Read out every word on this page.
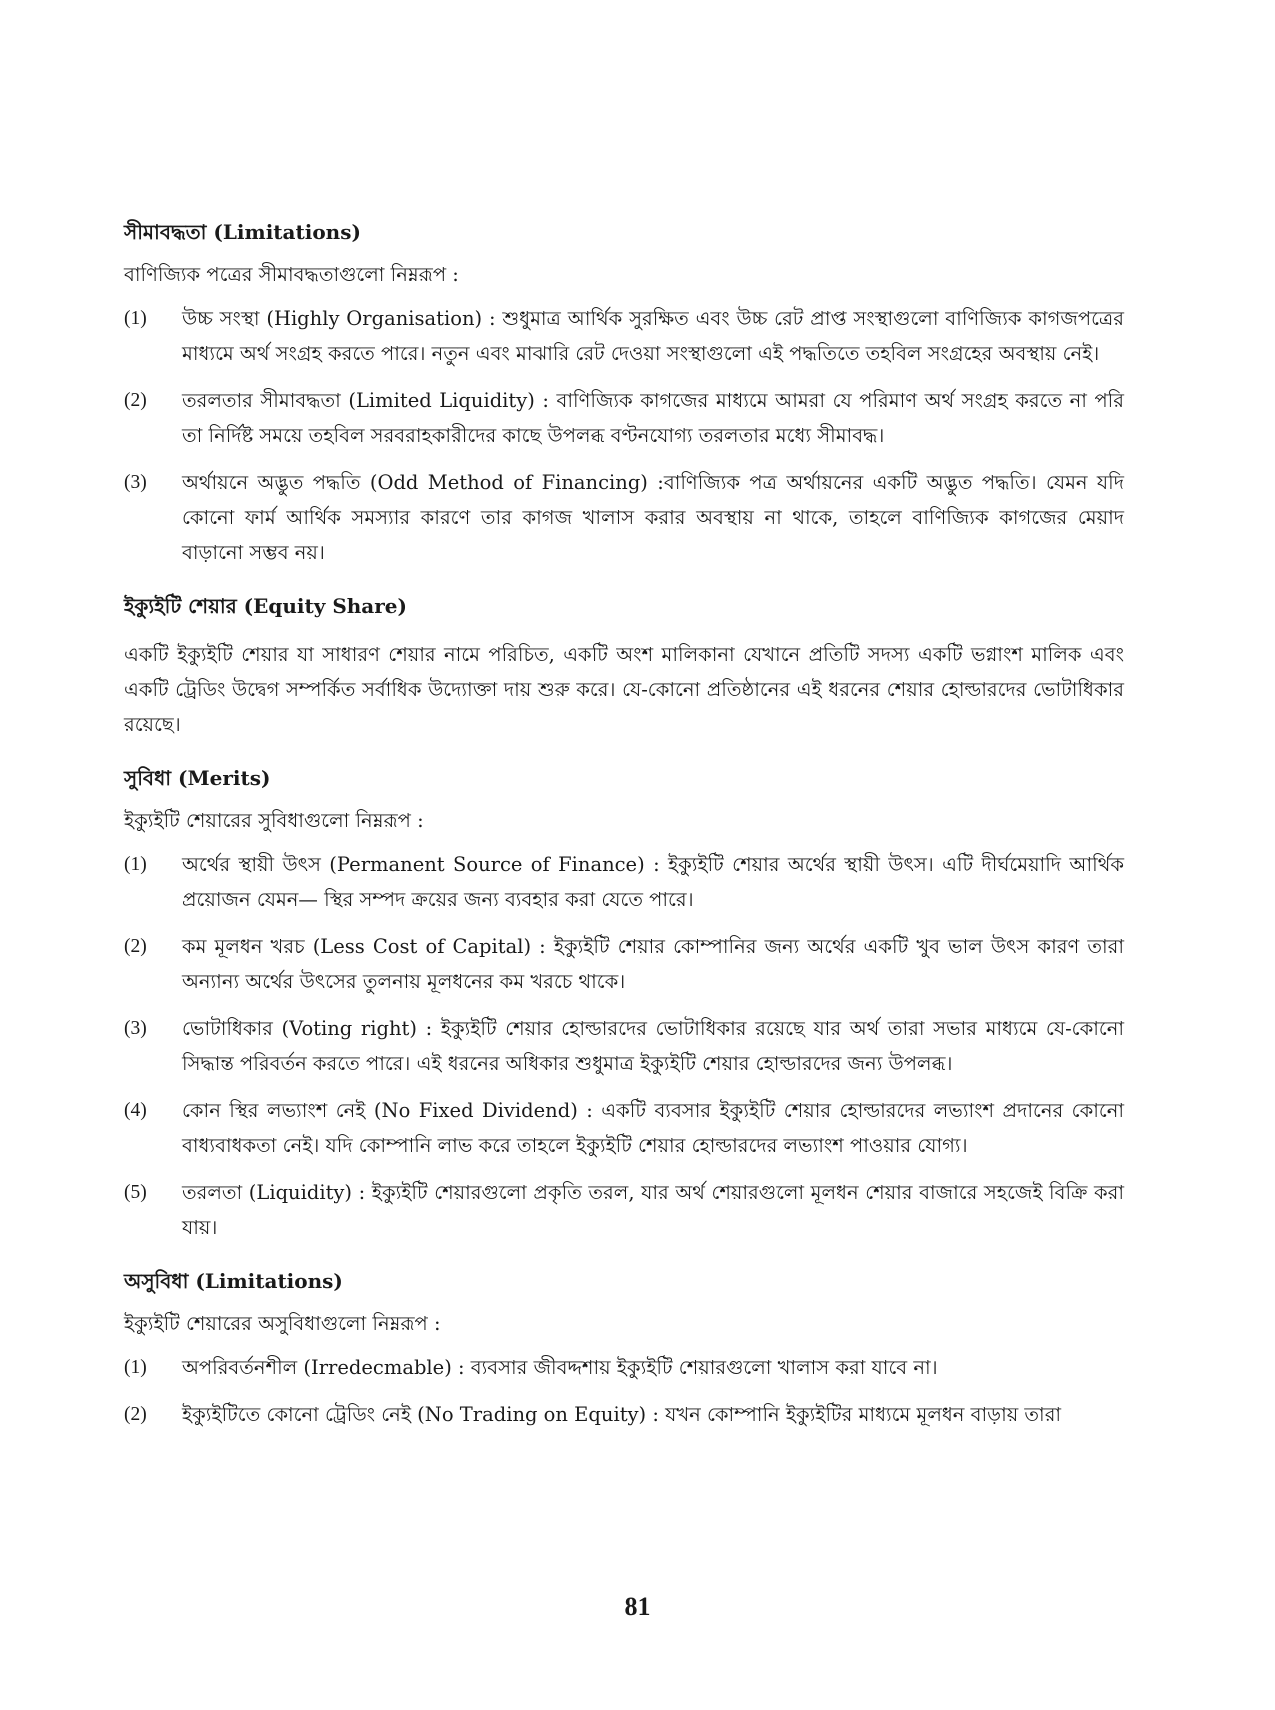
সীমাবদ্ধতা (Limitations)
বাণিজ্যিক পত্রের সীমাবদ্ধতাগুলো নিম্নরূপ :
(1)	উচ্চ সংস্থা (Highly Organisation) : শুধুমাত্র আর্থিক সুরক্ষিত এবং উচ্চ রেট প্রাপ্ত সংস্থাগুলো বাণিজ্যিক কাগজপত্রের মাধ্যমে অর্থ সংগ্রহ করতে পারে। নতুন এবং মাঝারি রেট দেওয়া সংস্থাগুলো এই পদ্ধতিতে তহবিল সংগ্রহের অবস্থায় নেই।
(2)	তরলতার সীমাবদ্ধতা (Limited Liquidity) : বাণিজ্যিক কাগজের মাধ্যমে আমরা যে পরিমাণ অর্থ সংগ্রহ করতে না পরি তা নির্দিষ্ট সময়ে তহবিল সরবরাহকারীদের কাছে উপলব্ধ বণ্টনযোগ্য তরলতার মধ্যে সীমাবদ্ধ।
(3)	অর্থায়নে অদ্ভুত পদ্ধতি (Odd Method of Financing) :বাণিজ্যিক পত্র অর্থায়নের একটি অদ্ভুত পদ্ধতি। যেমন যদি কোনো ফার্ম আর্থিক সমস্যার কারণে তার কাগজ খালাস করার অবস্থায় না থাকে, তাহলে বাণিজ্যিক কাগজের মেয়াদ বাড়ানো সম্ভব নয়।
ইক্যুইটি শেয়ার (Equity Share)
একটি ইক্যুইটি শেয়ার যা সাধারণ শেয়ার নামে পরিচিত, একটি অংশ মালিকানা যেখানে প্রতিটি সদস্য একটি ভগ্নাংশ মালিক এবং একটি ট্রেডিং উদ্বেগ সম্পর্কিত সর্বাধিক উদ্যোক্তা দায় শুরু করে। যে-কোনো প্রতিষ্ঠানের এই ধরনের শেয়ার হোল্ডারদের ভোটাধিকার রয়েছে।
সুবিধা (Merits)
ইক্যুইটি শেয়ারের সুবিধাগুলো নিম্নরূপ :
(1)	অর্থের স্থায়ী উৎস (Permanent Source of Finance) : ইক্যুইটি শেয়ার অর্থের স্থায়ী উৎস। এটি দীর্ঘমেয়াদি আর্থিক প্রয়োজন যেমন— স্থির সম্পদ ক্রয়ের জন্য ব্যবহার করা যেতে পারে।
(2)	কম মূলধন খরচ (Less Cost of Capital) : ইক্যুইটি শেয়ার কোম্পানির জন্য অর্থের একটি খুব ভাল উৎস কারণ তারা অন্যান্য অর্থের উৎসের তুলনায় মূলধনের কম খরচে থাকে।
(3)	ভোটাধিকার (Voting right) : ইক্যুইটি শেয়ার হোল্ডারদের ভোটাধিকার রয়েছে যার অর্থ তারা সভার মাধ্যমে যে-কোনো সিদ্ধান্ত পরিবর্তন করতে পারে। এই ধরনের অধিকার শুধুমাত্র ইক্যুইটি শেয়ার হোল্ডারদের জন্য উপলব্ধ।
(4)	কোন স্থির লভ্যাংশ নেই (No Fixed Dividend) : একটি ব্যবসার ইক্যুইটি শেয়ার হোল্ডারদের লভ্যাংশ প্রদানের কোনো বাধ্যবাধকতা নেই। যদি কোম্পানি লাভ করে তাহলে ইক্যুইটি শেয়ার হোল্ডারদের লভ্যাংশ পাওয়ার যোগ্য।
(5)	তরলতা (Liquidity) : ইক্যুইটি শেয়ারগুলো প্রকৃতি তরল, যার অর্থ শেয়ারগুলো মূলধন শেয়ার বাজারে সহজেই বিক্রি করা যায়।
অসুবিধা (Limitations)
ইক্যুইটি শেয়ারের অসুবিধাগুলো নিম্নরূপ :
(1)	অপরিবর্তনশীল (Irredecmable) : ব্যবসার জীবদ্দশায় ইক্যুইটি শেয়ারগুলো খালাস করা যাবে না।
(2)	ইক্যুইটিতে কোনো ট্রেডিং নেই (No Trading on Equity) : যখন কোম্পানি ইক্যুইটির মাধ্যমে মূলধন বাড়ায় তারা
81
